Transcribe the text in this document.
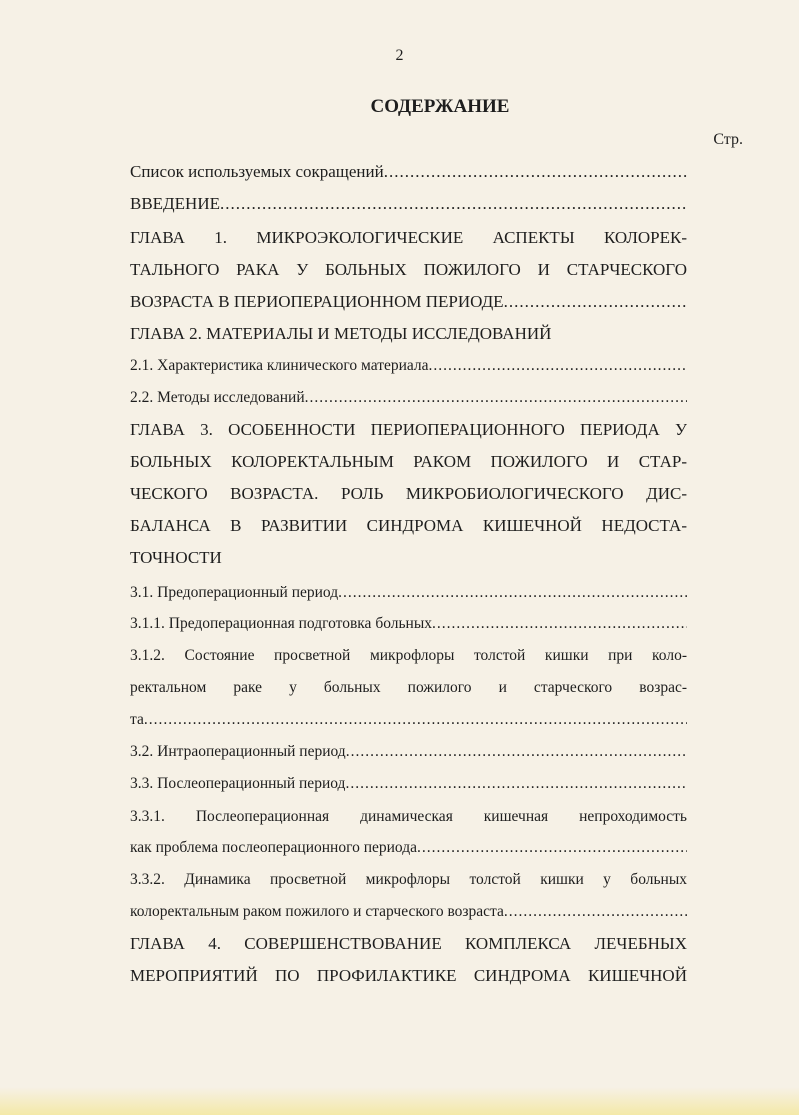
2
СОДЕРЖАНИЕ
Стр.
Список используемых сокращений
.....
ВВЕДЕНИЕ
.....
ГЛАВА 1. МИКРОЭКОЛОГИЧЕСКИЕ АСПЕКТЫ КОЛОРЕК-
ТАЛЬНОГО РАКА У БОЛЬНЫХ ПОЖИЛОГО И СТАРЧЕСКОГО
ВОЗРАСТА В ПЕРИОПЕРАЦИОННОМ ПЕРИОДЕ
.....
ГЛАВА 2. МАТЕРИАЛЫ И МЕТОДЫ ИССЛЕДОВАНИЙ
2.1. Характеристика клинического материала
.....
2.2. Методы исследований
.....
ГЛАВА 3. ОСОБЕННОСТИ ПЕРИОПЕРАЦИОННОГО ПЕРИОДА У
БОЛЬНЫХ КОЛОРЕКТАЛЬНЫМ РАКОМ ПОЖИЛОГО И СТАР-
ЧЕСКОГО ВОЗРАСТА. РОЛЬ МИКРОБИОЛОГИЧЕСКОГО ДИС-
БАЛАНСА В РАЗВИТИИ СИНДРОМА КИШЕЧНОЙ НЕДОСТА-
ТОЧНОСТИ
3.1. Предоперационный период
.....
3.1.1. Предоперационная подготовка больных
.....
3.1.2. Состояние просветной микрофлоры толстой кишки при коло-
ректальном раке у больных пожилого и старческого возрас-
та
.....
3.2. Интраоперационный период
.....
3.3. Послеоперационный период
.....
3.3.1. Послеоперационная динамическая кишечная непроходимость
как проблема послеоперационного периода
.....
3.3.2. Динамика просветной микрофлоры толстой кишки у больных
колоректальным раком пожилого и старческого возраста
.....
ГЛАВА 4. СОВЕРШЕНСТВОВАНИЕ КОМПЛЕКСА ЛЕЧЕБНЫХ
МЕРОПРИЯТИЙ ПО ПРОФИЛАКТИКЕ СИНДРОМА КИШЕЧНОЙ
